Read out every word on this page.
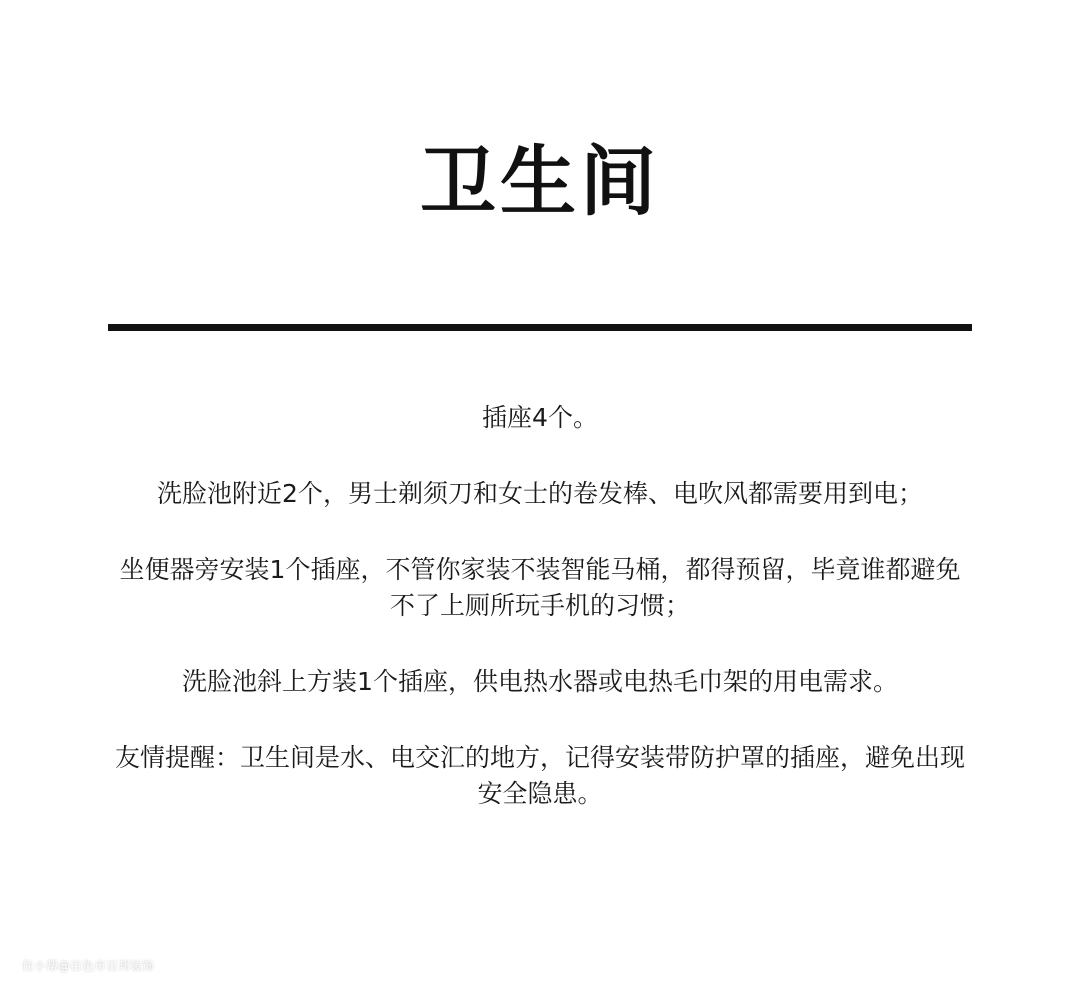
卫生间
插座4个。
洗脸池附近2个，男士剃须刀和女士的卷发棒、电吹风都需要用到电；
坐便器旁安装1个插座，不管你家装不装智能马桶，都得预留，毕竟谁都避免
不了上厕所玩手机的习惯；
洗脸池斜上方装1个插座，供电热水器或电热毛巾架的用电需求。
友情提醒：卫生间是水、电交汇的地方，记得安装带防护罩的插座，避免出现
安全隐患。
住小帮@百色市百邦装饰
